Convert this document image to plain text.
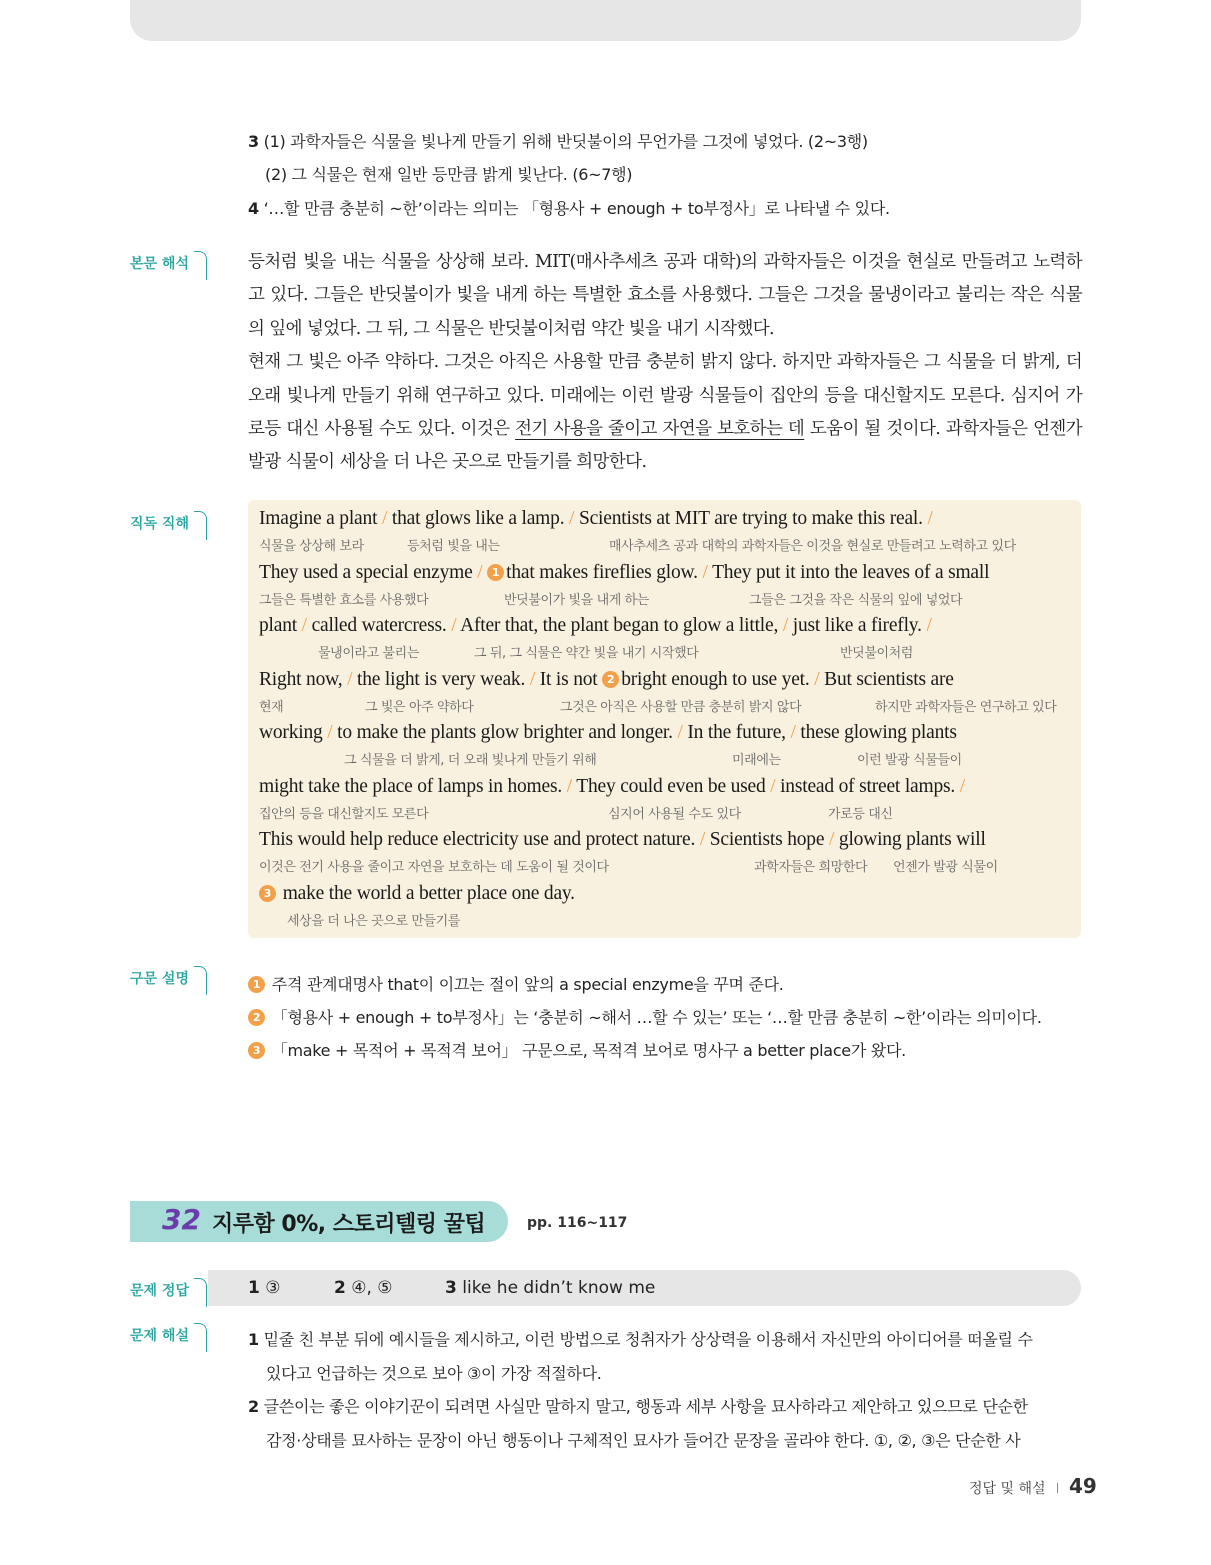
3 (1) 과학자들은 식물을 빛나게 만들기 위해 반딧불이의 무언가를 그것에 넣었다. (2~3행)
(2) 그 식물은 현재 일반 등만큼 밝게 빛난다. (6~7행)
4 ‘…할 만큼 충분히 ~한’이라는 의미는 「형용사 + enough + to부정사」로 나타낼 수 있다.
본문 해석	등처럼 빛을 내는 식물을 상상해 보라. MIT(매사추세츠 공과 대학)의 과학자들은 이것을 현실로 만들려고 노력하고 있다. 그들은 반딧불이가 빛을 내게 하는 특별한 효소를 사용했다. 그들은 그것을 물냉이라고 불리는 작은 식물의 잎에 넣었다. 그 뒤, 그 식물은 반딧불이처럼 약간 빛을 내기 시작했다.

현재 그 빛은 아주 약하다. 그것은 아직은 사용할 만큼 충분히 밝지 않다. 하지만 과학자들은 그 식물을 더 밝게, 더 오래 빛나게 만들기 위해 연구하고 있다. 미래에는 이런 발광 식물들이 집안의 등을 대신할지도 모른다. 심지어 가로등 대신 사용될 수도 있다. 이것은 전기 사용을 줄이고 자연을 보호하는 데 도움이 될 것이다. 과학자들은 언젠가 발광 식물이 세상을 더 나은 곳으로 만들기를 희망한다.

직독 직해	Imagine a plant / that glows like a lamp. / Scientists at MIT are trying to make this real. /
식물을 상상해 보라	등처럼 빛을 내는	매사추세츠 공과 대학의 과학자들은 이것을 현실로 만들려고 노력하고 있다
They used a special enzyme / 1 that makes fireflies glow. / They put it into the leaves of a small
그들은 특별한 효소를 사용했다	반딧불이가 빛을 내게 하는	그들은 그것을 작은 식물의 잎에 넣었다
plant / called watercress. / After that, the plant began to glow a little, / just like a firefly. /
물냉이라고 불리는	그 뒤, 그 식물은 약간 빛을 내기 시작했다	반딧불이처럼
Right now, / the light is very weak. / It is not 2 bright enough to use yet. / But scientists are
현재	그 빛은 아주 약하다	그것은 아직은 사용할 만큼 충분히 밝지 않다	하지만 과학자들은 연구하고 있다
working / to make the plants glow brighter and longer. / In the future, / these glowing plants
그 식물을 더 밝게, 더 오래 빛나게 만들기 위해	미래에는	이런 발광 식물들이
might take the place of lamps in homes. / They could even be used / instead of street lamps. /
집안의 등을 대신할지도 모른다	심지어 사용될 수도 있다	가로등 대신
This would help reduce electricity use and protect nature. / Scientists hope / glowing plants will
이것은 전기 사용을 줄이고 자연을 보호하는 데 도움이 될 것이다	과학자들은 희망한다 언젠가 발광 식물이
3 make the world a better place one day.
세상을 더 나은 곳으로 만들기를
구문 설명	1 주격 관계대명사 that이 이끄는 절이 앞의 a special enzyme을 꾸며 준다.
2 「형용사 + enough + to부정사」는 ‘충분히 ~해서 …할 수 있는’ 또는 ‘…할 만큼 충분히 ~한’이라는 의미이다.
3 「make + 목적어 + 목적격 보어」 구문으로, 목적격 보어로 명사구 a better place가 왔다.
32 지루함 0%, 스토리텔링 꿀팁	pp. 116~117
문제 정답	1 ③	2 ④, ⑤	3 like he didn’t know me
문제 해설	1 밑줄 친 부분 뒤에 예시들을 제시하고, 이런 방법으로 청취자가 상상력을 이용해서 자신만의 아이디어를 떠올릴 수
있다고 언급하는 것으로 보아 ③이 가장 적절하다.
2 글쓴이는 좋은 이야기꾼이 되려면 사실만 말하지 말고, 행동과 세부 사항을 묘사하라고 제안하고 있으므로 단순한
감정·상태를 묘사하는 문장이 아닌 행동이나 구체적인 묘사가 들어간 문장을 골라야 한다. ①, ②, ③은 단순한 사
정답 및 해설 49
